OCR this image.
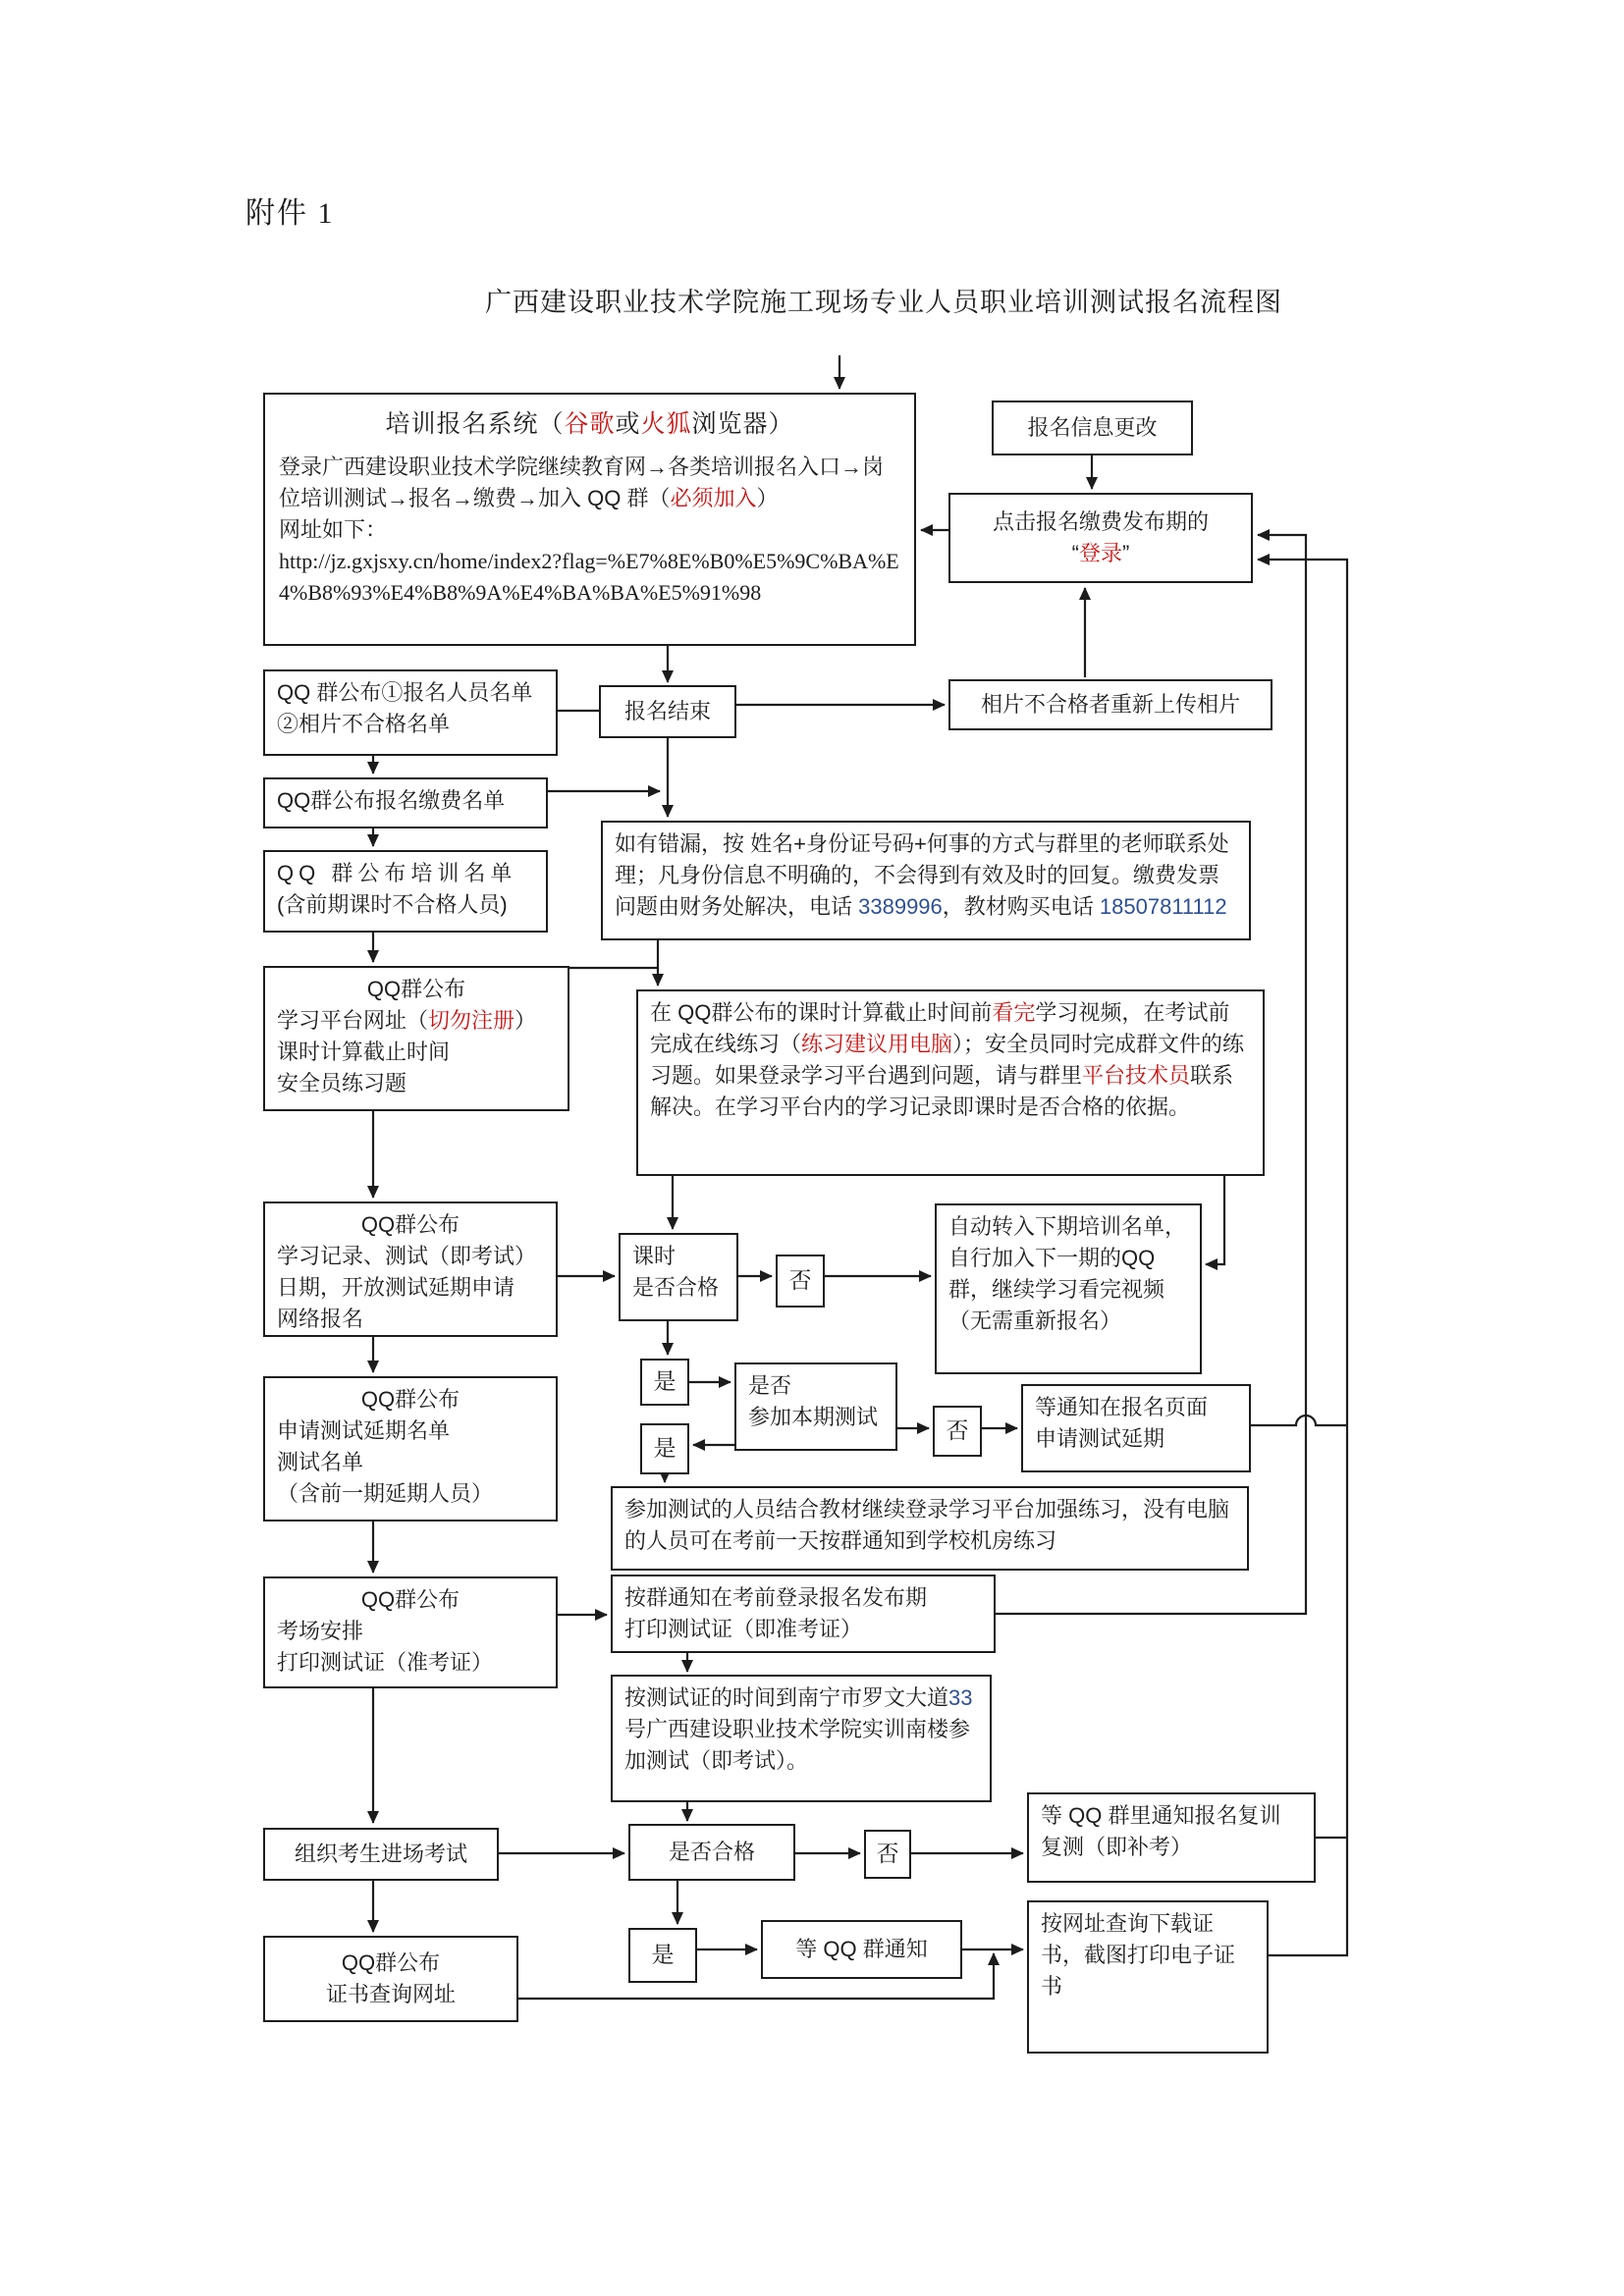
附件 1
广西建设职业技术学院施工现场专业人员职业培训测试报名流程图
培训报名系统（谷歌或火狐浏览器）
登录广西建设职业技术学院继续教育网→各类培训报名入口→岗位培训测试→报名→缴费→加入 QQ 群（必须加入）
网址如下：
http://jz.gxjsxy.cn/home/index2?flag=%E7%8E%B0%E5%9C%BA%E4%B8%93%E4%B8%9A%E4%BA%BA%E5%91%98
报名信息更改
点击报名缴费发布期的
“登录”
QQ 群公布①报名人员名单②相片不合格名单
报名结束	相片不合格者重新上传相片
QQ群公布报名缴费名单
QQ 群公布培训名单
(含前期课时不合格人员)
如有错漏，按 姓名+身份证号码+何事的方式与群里的老师联系处理；凡身份信息不明确的，不会得到有效及时的回复。缴费发票问题由财务处解决，电话 3389996，教材购买电话 18507811112
QQ群公布
学习平台网址（切勿注册）
课时计算截止时间
安全员练习题
在 QQ群公布的课时计算截止时间前看完学习视频，在考试前完成在线练习（练习建议用电脑）；安全员同时完成群文件的练习题。如果登录学习平台遇到问题，请与群里平台技术员联系解决。在学习平台内的学习记录即课时是否合格的依据。
QQ群公布
学习记录、测试（即考试）
日期，开放测试延期申请
网络报名
课时
是否合格	否
自动转入下期培训名单，自行加入下一期的QQ群，继续学习看完视频（无需重新报名）
是	是否
参加本期测试
是
否
等通知在报名页面
申请测试延期
QQ群公布
申请测试延期名单
测试名单
（含前一期延期人员）
参加测试的人员结合教材继续登录学习平台加强练习，没有电脑的人员可在考前一天按群通知到学校机房练习
QQ群公布
考场安排
打印测试证（准考证）
按群通知在考前登录报名发布期
打印测试证（即准考证）
按测试证的时间到南宁市罗文大道33号广西建设职业技术学院实训南楼参加测试（即考试）。
组织考生进场考试	是否合格	否
等 QQ 群里通知报名复训复测（即补考）
是	等 QQ 群通知
QQ群公布
证书查询网址
按网址查询下载证书，截图打印电子证书
